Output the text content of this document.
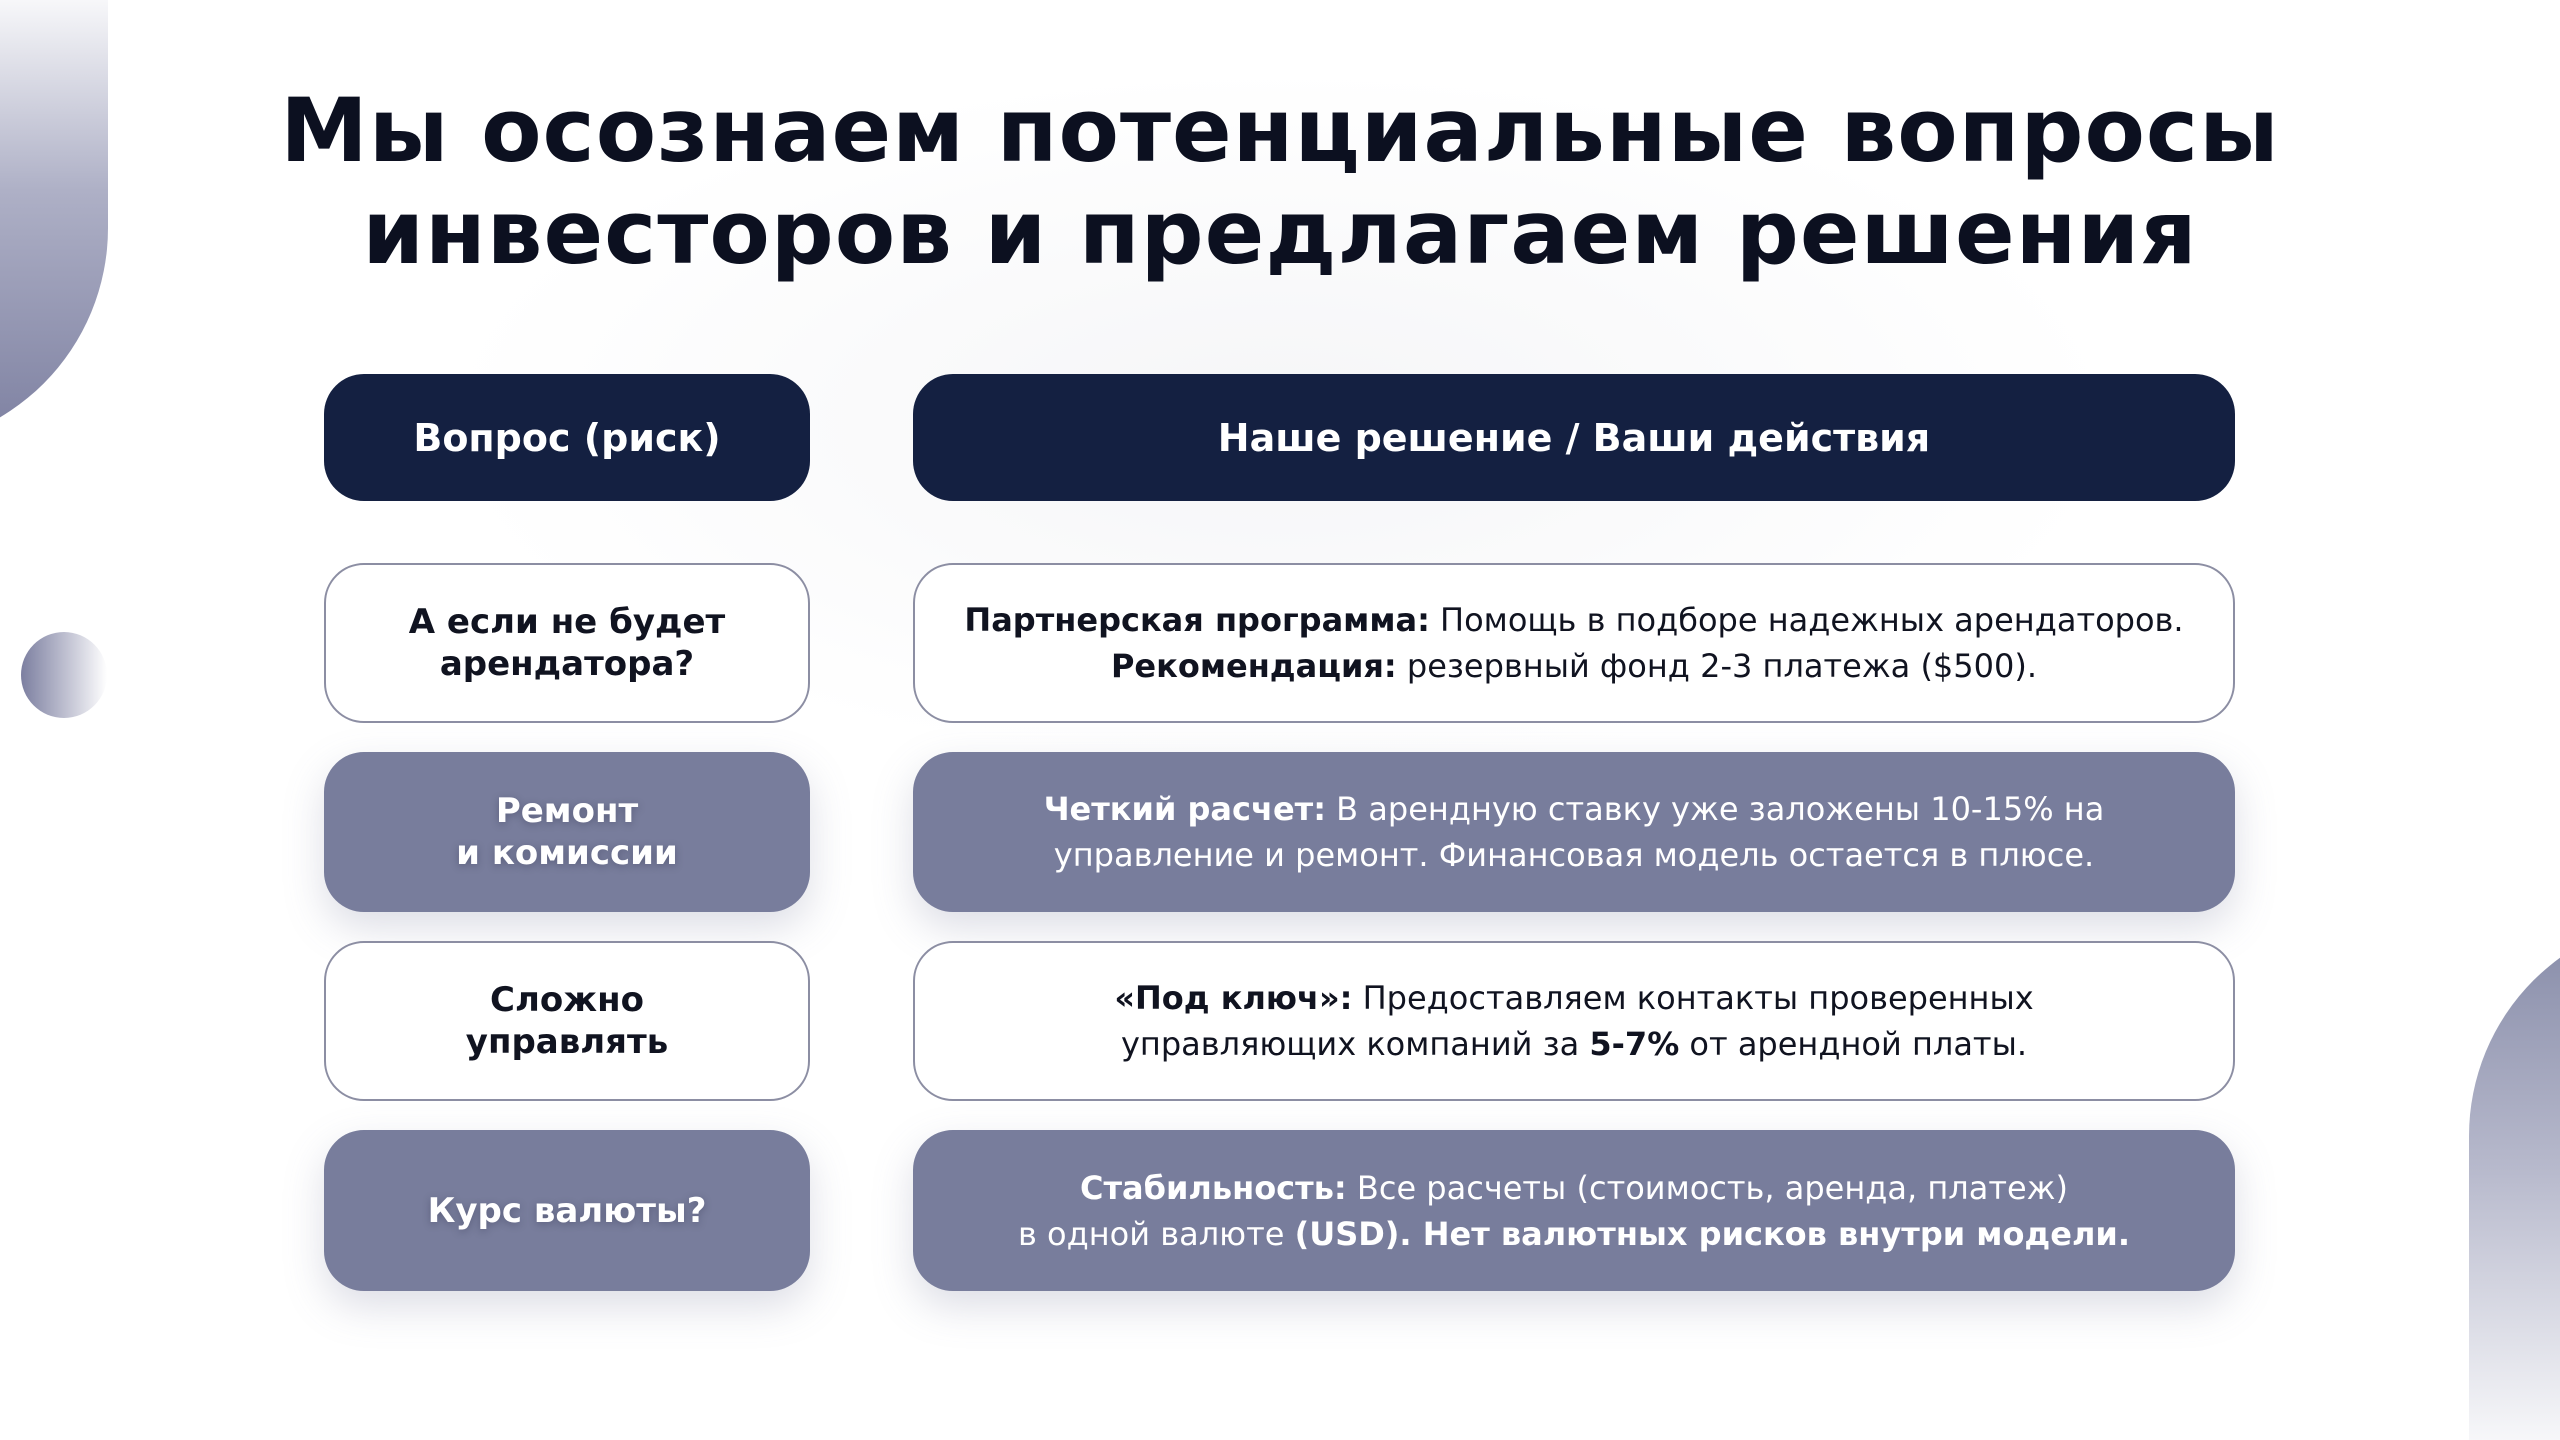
Мы осознаем потенциальные вопросы
инвесторов и предлагаем решения
Вопрос (риск)	Наше решение / Ваши действия
А если не будет
арендатора?
Партнерская программа: Помощь в подборе надежных арендаторов.
Рекомендация: резервный фонд 2-3 платежа ($500).
Ремонт
и комиссии
Четкий расчет: В арендную ставку уже заложены 10-15% на
управление и ремонт. Финансовая модель остается в плюсе.
Сложно
управлять
«Под ключ»: Предоставляем контакты проверенных
управляющих компаний за 5-7% от арендной платы.
Курс валюты?
Стабильность: Все расчеты (стоимость, аренда, платеж)
в одной валюте (USD). Нет валютных рисков внутри модели.
